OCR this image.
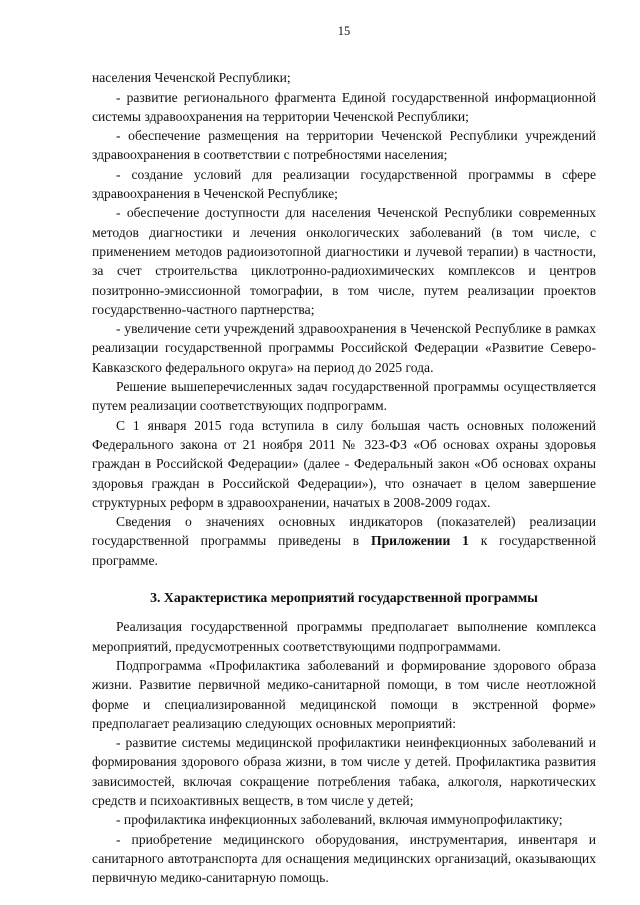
15

населения Чеченской Республики;

- развитие регионального фрагмента Единой государственной информационной системы здравоохранения на территории Чеченской Республики;

- обеспечение размещения на территории Чеченской Республики учреждений здравоохранения в соответствии с потребностями населения;

- создание условий для реализации государственной программы в сфере здравоохранения в Чеченской Республике;

- обеспечение доступности для населения Чеченской Республики современных методов диагностики и лечения онкологических заболеваний (в том числе, с применением методов радиоизотопной диагностики и лучевой терапии) в частности, за счет строительства циклотронно-радиохимических комплексов и центров позитронно-эмиссионной томографии, в том числе, путем реализации проектов государственно-частного партнерства;

- увеличение сети учреждений здравоохранения в Чеченской Республике в рамках реализации государственной программы Российской Федерации «Развитие Северо-Кавказского федерального округа» на период до 2025 года.

Решение вышеперечисленных задач государственной программы осуществляется путем реализации соответствующих подпрограмм.

С 1 января 2015 года вступила в силу большая часть основных положений Федерального закона от 21 ноября 2011 № 323-ФЗ «Об основах охраны здоровья граждан в Российской Федерации» (далее - Федеральный закон «Об основах охраны здоровья граждан в Российской Федерации»), что означает в целом завершение структурных реформ в здравоохранении, начатых в 2008-2009 годах.

Сведения о значениях основных индикаторов (показателей) реализации государственной программы приведены в Приложении 1 к государственной программе.

3. Характеристика мероприятий государственной программы

Реализация государственной программы предполагает выполнение комплекса мероприятий, предусмотренных соответствующими подпрограммами.

Подпрограмма «Профилактика заболеваний и формирование здорового образа жизни. Развитие первичной медико-санитарной помощи, в том числе неотложной форме и специализированной медицинской помощи в экстренной форме» предполагает реализацию следующих основных мероприятий:

- развитие системы медицинской профилактики неинфекционных заболеваний и формирования здорового образа жизни, в том числе у детей. Профилактика развития зависимостей, включая сокращение потребления табака, алкоголя, наркотических средств и психоактивных веществ, в том числе у детей;

- профилактика инфекционных заболеваний, включая иммунопрофилактику;

- приобретение медицинского оборудования, инструментария, инвентаря и санитарного автотранспорта для оснащения медицинских организаций, оказывающих первичную медико-санитарную помощь.
